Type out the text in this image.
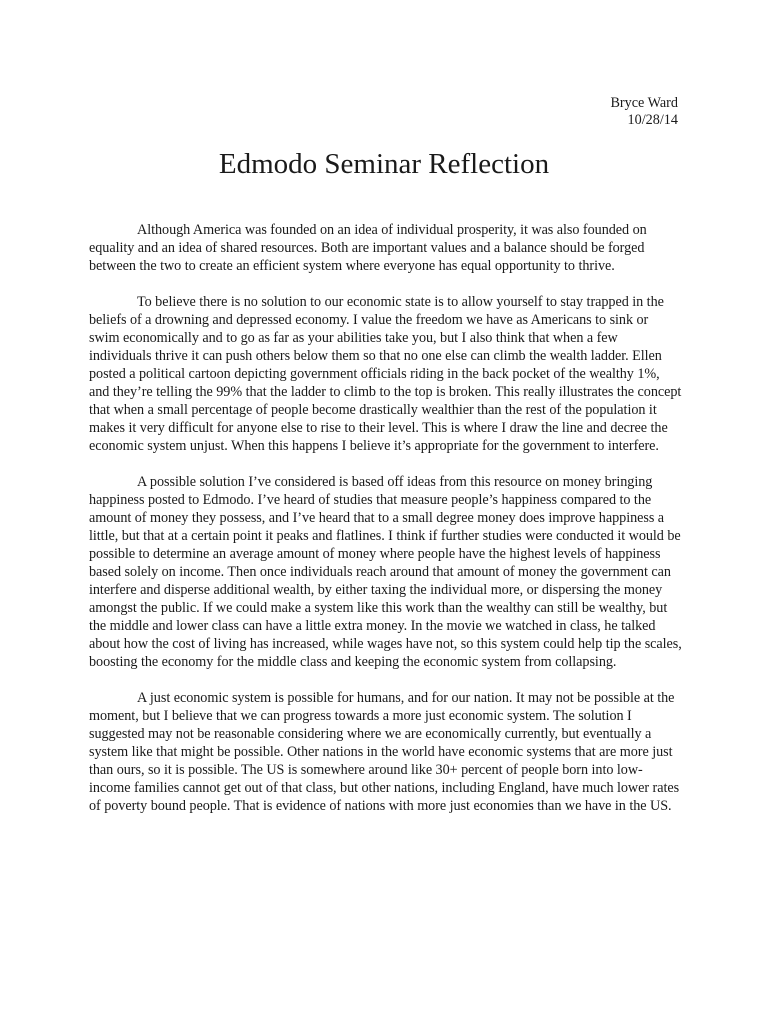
Bryce Ward
10/28/14
Edmodo Seminar Reflection

Although America was founded on an idea of individual prosperity, it was also founded on equality and an idea of shared resources. Both are important values and a balance should be forged between the two to create an efficient system where everyone has equal opportunity to thrive.

To believe there is no solution to our economic state is to allow yourself to stay trapped in the beliefs of a drowning and depressed economy. I value the freedom we have as Americans to sink or swim economically and to go as far as your abilities take you, but I also think that when a few individuals thrive it can push others below them so that no one else can climb the wealth ladder. Ellen posted a political cartoon depicting government officials riding in the back pocket of the wealthy 1%, and they’re telling the 99% that the ladder to climb to the top is broken. This really illustrates the concept that when a small percentage of people become drastically wealthier than the rest of the population it makes it very difficult for anyone else to rise to their level. This is where I draw the line and decree the economic system unjust. When this happens I believe it’s appropriate for the government to interfere.

A possible solution I’ve considered is based off ideas from this resource on money bringing happiness posted to Edmodo. I’ve heard of studies that measure people’s happiness compared to the amount of money they possess, and I’ve heard that to a small degree money does improve happiness a little, but that at a certain point it peaks and flatlines. I think if further studies were conducted it would be possible to determine an average amount of money where people have the highest levels of happiness based solely on income. Then once individuals reach around that amount of money the government can interfere and disperse additional wealth, by either taxing the individual more, or dispersing the money amongst the public. If we could make a system like this work than the wealthy can still be wealthy, but the middle and lower class can have a little extra money. In the movie we watched in class, he talked about how the cost of living has increased, while wages have not, so this system could help tip the scales, boosting the economy for the middle class and keeping the economic system from collapsing.

A just economic system is possible for humans, and for our nation. It may not be possible at the moment, but I believe that we can progress towards a more just economic system. The solution I suggested may not be reasonable considering where we are economically currently, but eventually a system like that might be possible. Other nations in the world have economic systems that are more just than ours, so it is possible. The US is somewhere around like 30+ percent of people born into low-income families cannot get out of that class, but other nations, including England, have much lower rates of poverty bound people. That is evidence of nations with more just economies than we have in the US.
